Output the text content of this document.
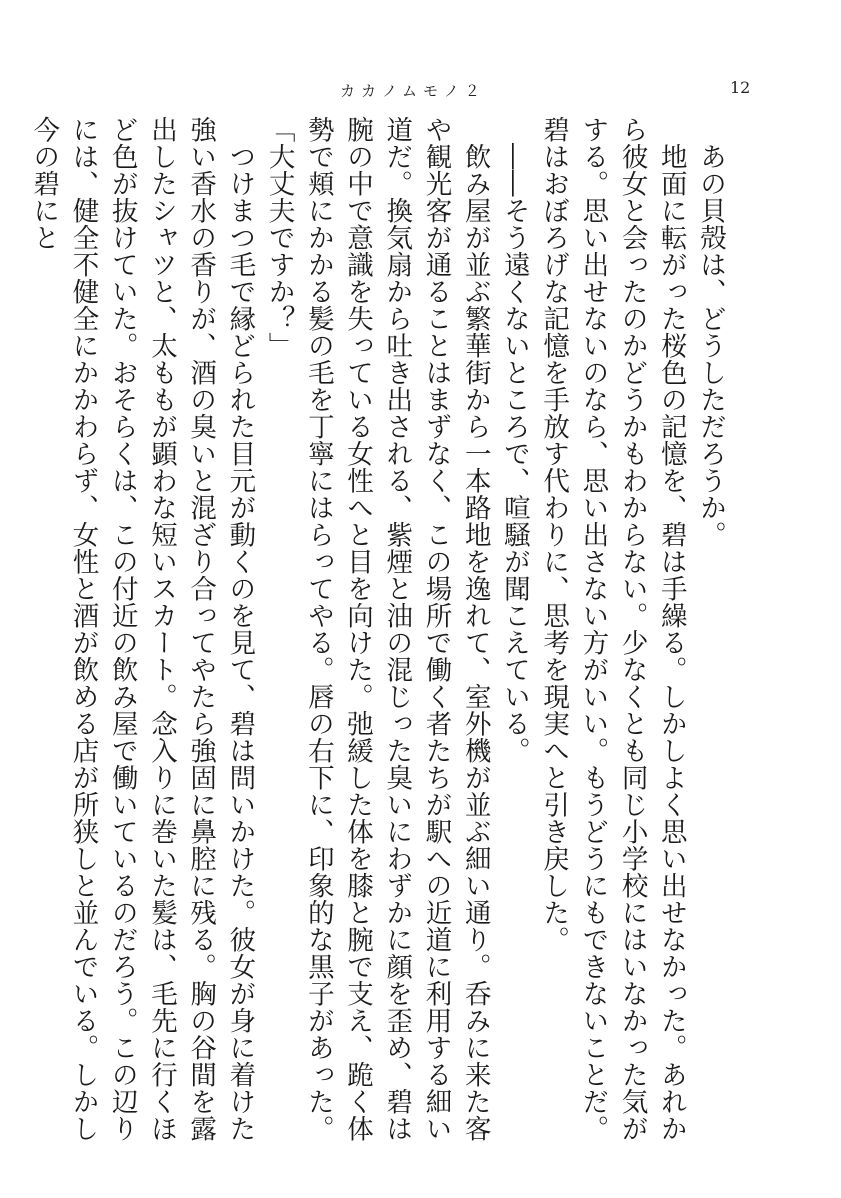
カカノムモノ２	12

あの貝殻は、どうしただろうか。

地面に転がった桜色の記憶を、碧は手繰る。しかしよく思い出せなかった。あれから彼女と会ったのかどうかもわからない。少なくとも同じ小学校にはいなかった気がする。思い出せないのなら、思い出さない方がいい。もうどうにもできないことだ。碧はおぼろげな記憶を手放す代わりに、思考を現実へと引き戻した。

――そう遠くないところで、喧騒が聞こえている。

飲み屋が並ぶ繁華街から一本路地を逸れて、室外機が並ぶ細い通り。呑みに来た客や観光客が通ることはまずなく、この場所で働く者たちが駅への近道に利用する細い道だ。換気扇から吐き出される、紫煙と油の混じった臭いにわずかに顔を歪め、碧は腕の中で意識を失っている女性へと目を向けた。弛緩した体を膝と腕で支え、跪く体勢で頬にかかる髪の毛を丁寧にはらってやる。唇の右下に、印象的な黒子があった。

「大丈夫ですか？」

つけまつ毛で縁どられた目元が動くのを見て、碧は問いかけた。彼女が身に着けた強い香水の香りが、酒の臭いと混ざり合ってやたら強固に鼻腔に残る。胸の谷間を露出したシャツと、太ももが顕わな短いスカート。念入りに巻いた髪は、毛先に行くほど色が抜けていた。おそらくは、この付近の飲み屋で働いているのだろう。この辺りには、健全不健全にかかわらず、女性と酒が飲める店が所狭しと並んでいる。しかし今の碧にと
